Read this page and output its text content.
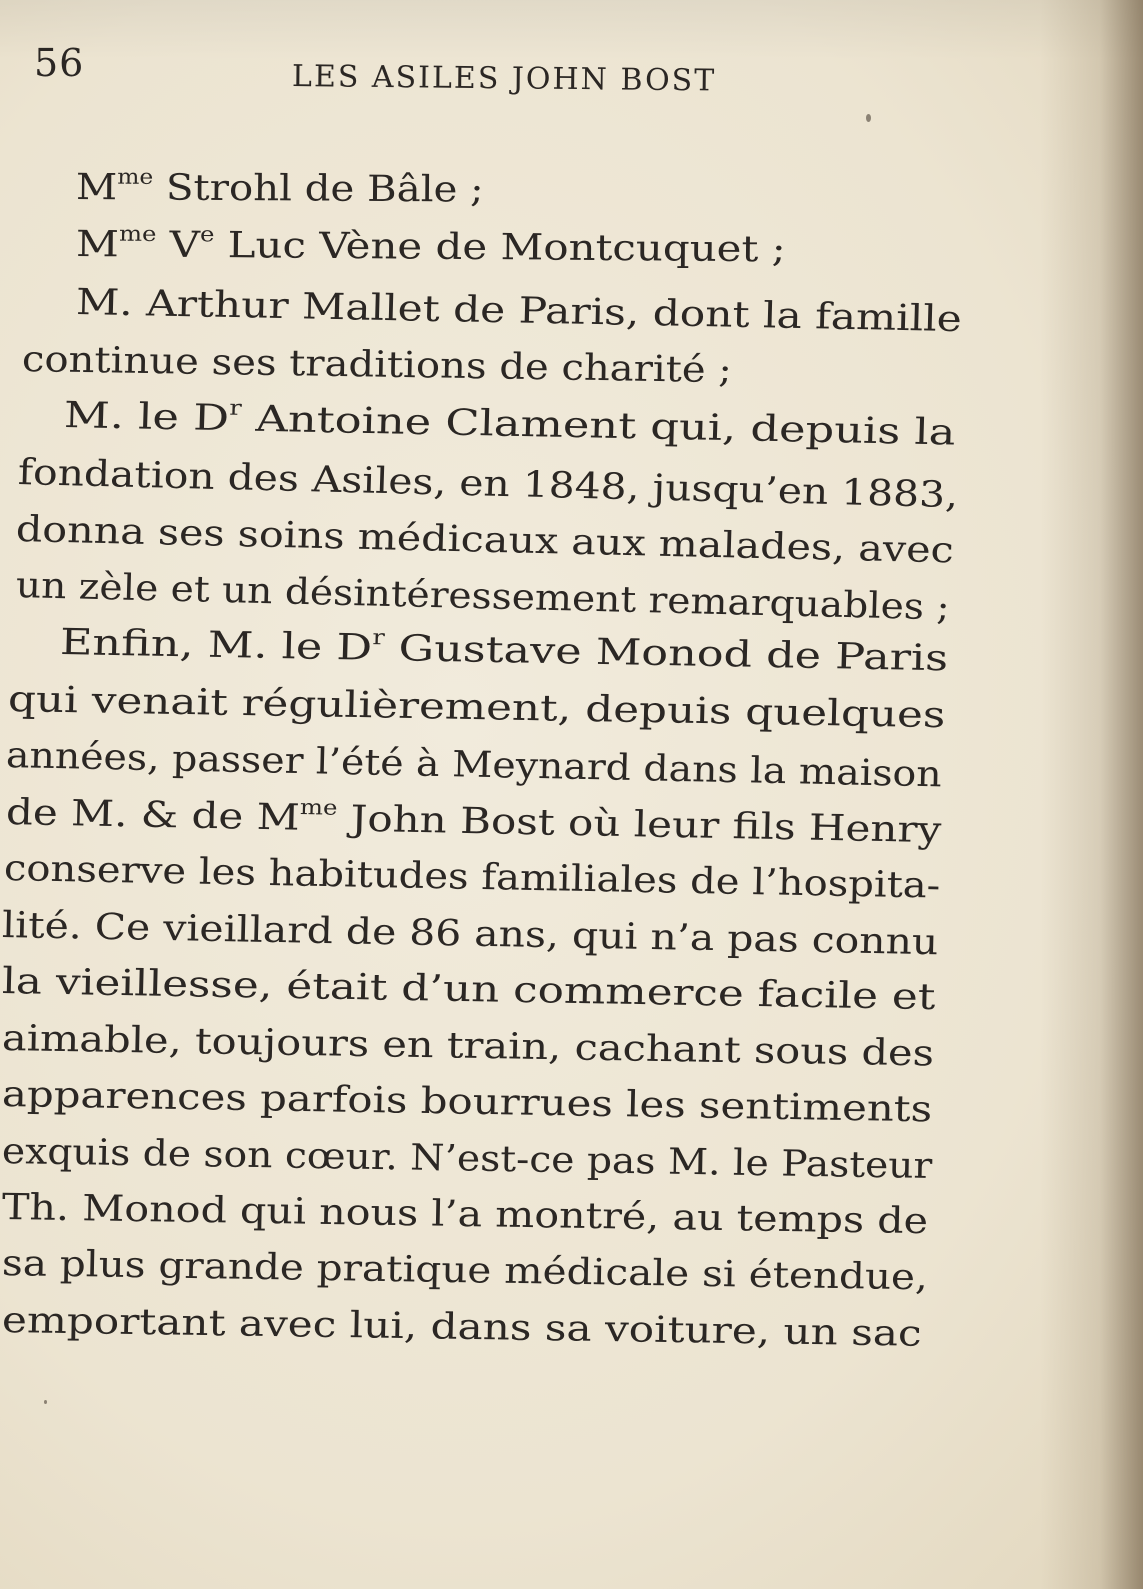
56	LES ASILES JOHN BOST
$M^{me}$ Strohl de Bâle ;
$M^{me}$ Ve Luc Vène de Montcuquet ;
M. Arthur Mallet de Paris, dont la famille
continue ses traditions de charité ;
M. le $D^r$ Antoine Clament qui, depuis la
fondation des Asiles, en 1848, jusqu’en 1883,
donna ses soins médicaux aux malades, avec
un zèle et un désintéressement remarquables ;
Enfin, M. le $D^r$ Gustave Monod de Paris
qui venait régulièrement, depuis quelques
années, passer l’été à Meynard dans la maison
de M. & de $M^{me}$ John Bost où leur fils Henry
conserve les habitudes familiales de l’hospita-
lité. Ce vieillard de 86 ans, qui n’a pas connu
la vieillesse, était d’un commerce facile et
aimable, toujours en train, cachant sous des
apparences parfois bourrues les sentiments
exquis de son cœur. N’est-ce pas M. le Pasteur
Th. Monod qui nous l’a montré, au temps de
sa plus grande pratique médicale si étendue,
emportant avec lui, dans sa voiture, un sac
